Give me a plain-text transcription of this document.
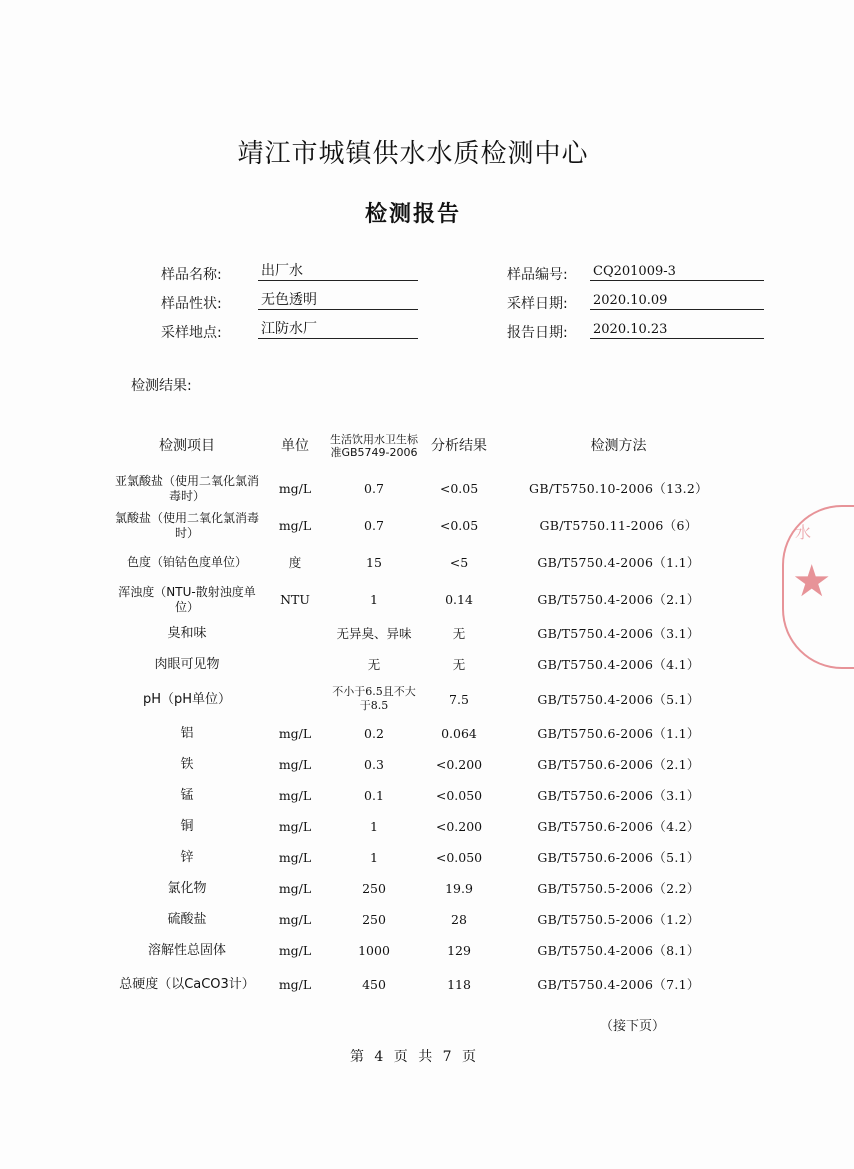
靖江市城镇供水水质检测中心
检测报告
样品名称:	出厂水
样品性状:	无色透明
采样地点:	江防水厂
样品编号:	CQ201009-3
采样日期:	2020.10.09
报告日期:	2020.10.23
检测结果:
检测项目	单位	生活饮用水卫生标准GB5749-2006	分析结果	检测方法
亚氯酸盐（使用二氧化氯消毒时）	mg/L	0.7	<0.05	GB/T5750.10-2006（13.2）
氯酸盐（使用二氧化氯消毒时）	mg/L	0.7	<0.05	GB/T5750.11-2006（6）
色度（铂钴色度单位）	度	15	<5	GB/T5750.4-2006（1.1）
浑浊度（NTU-散射浊度单位）	NTU	1	0.14	GB/T5750.4-2006（2.1）
臭和味		无异臭、异味	无	GB/T5750.4-2006（3.1）
肉眼可见物		无	无	GB/T5750.4-2006（4.1）
pH（pH单位）		不小于6.5且不大于8.5	7.5	GB/T5750.4-2006（5.1）
铝	mg/L	0.2	0.064	GB/T5750.6-2006（1.1）
铁	mg/L	0.3	<0.200	GB/T5750.6-2006（2.1）
锰	mg/L	0.1	<0.050	GB/T5750.6-2006（3.1）
铜	mg/L	1	<0.200	GB/T5750.6-2006（4.2）
锌	mg/L	1	<0.050	GB/T5750.6-2006（5.1）
氯化物	mg/L	250	19.9	GB/T5750.5-2006（2.2）
硫酸盐	mg/L	250	28	GB/T5750.5-2006（1.2）
溶解性总固体	mg/L	1000	129	GB/T5750.4-2006（8.1）
总硬度（以CaCO3计）	mg/L	450	118	GB/T5750.4-2006（7.1）
（接下页）
第 4 页 共 7 页
水
★
